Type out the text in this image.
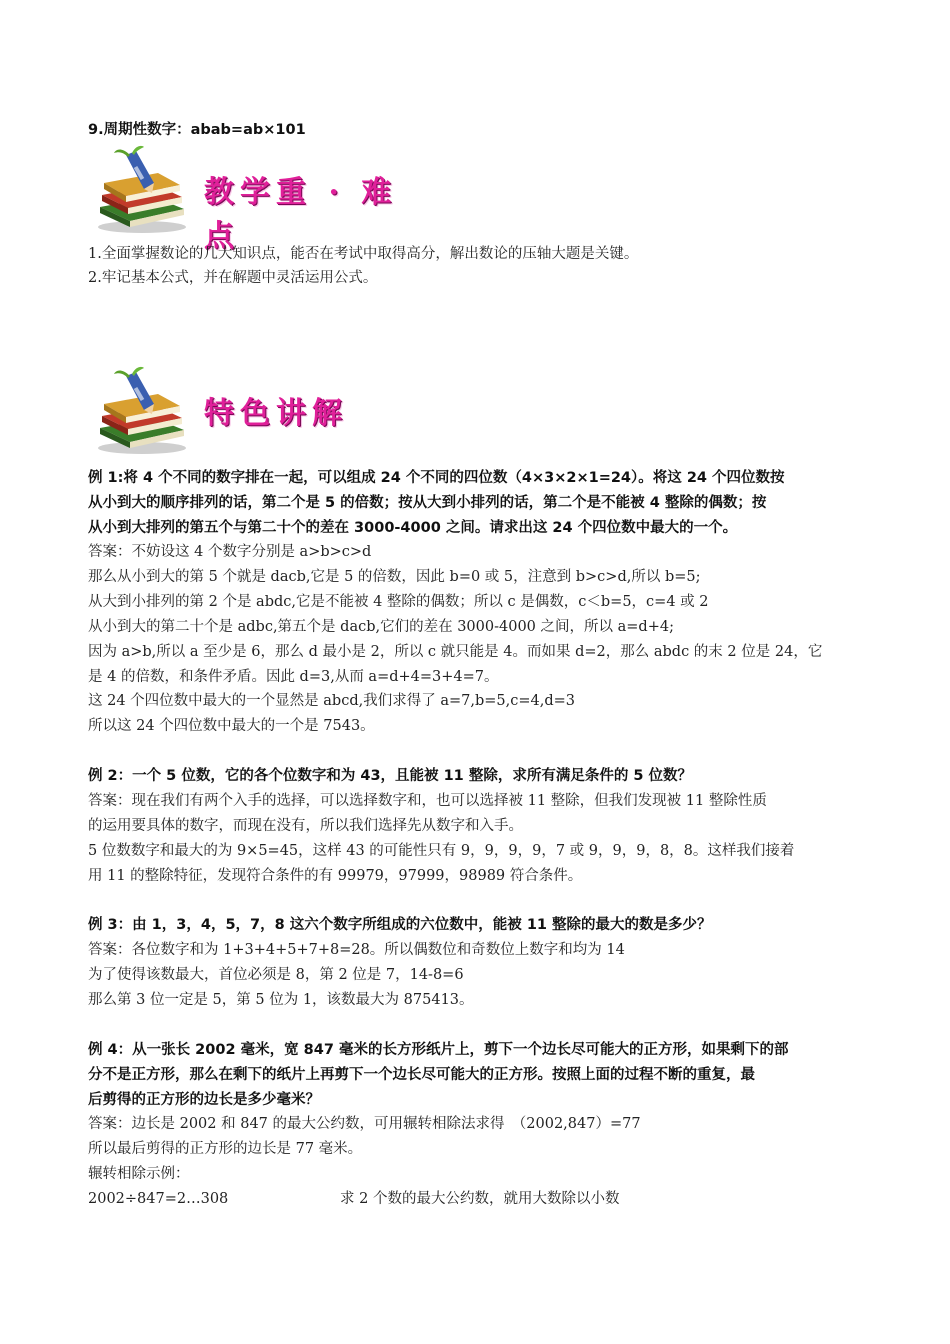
9.周期性数字：abab=ab×101
教学重 · 难点
1.全面掌握数论的几大知识点，能否在考试中取得高分，解出数论的压轴大题是关键。
2.牢记基本公式，并在解题中灵活运用公式。
特色讲解
例 1:将 4 个不同的数字排在一起，可以组成 24 个不同的四位数（4×3×2×1=24）。将这 24 个四位数按
从小到大的顺序排列的话，第二个是 5 的倍数；按从大到小排列的话，第二个是不能被 4 整除的偶数；按
从小到大排列的第五个与第二十个的差在 3000-4000 之间。请求出这 24 个四位数中最大的一个。
答案：不妨设这 4 个数字分别是 a>b>c>d
那么从小到大的第 5 个就是 dacb,它是 5 的倍数，因此 b=0 或 5，注意到 b>c>d,所以 b=5;
从大到小排列的第 2 个是 abdc,它是不能被 4 整除的偶数；所以 c 是偶数，c＜b=5，c=4 或 2
从小到大的第二十个是 adbc,第五个是 dacb,它们的差在 3000-4000 之间，所以 a=d+4;
因为 a>b,所以 a 至少是 6，那么 d 最小是 2，所以 c 就只能是 4。而如果 d=2，那么 abdc 的末 2 位是 24，它
是 4 的倍数，和条件矛盾。因此 d=3,从而 a=d+4=3+4=7。
这 24 个四位数中最大的一个显然是 abcd,我们求得了 a=7,b=5,c=4,d=3
所以这 24 个四位数中最大的一个是 7543。
例 2：一个 5 位数，它的各个位数字和为 43，且能被 11 整除，求所有满足条件的 5 位数？
答案：现在我们有两个入手的选择，可以选择数字和，也可以选择被 11 整除，但我们发现被 11 整除性质
的运用要具体的数字，而现在没有，所以我们选择先从数字和入手。
5 位数数字和最大的为 9×5=45，这样 43 的可能性只有 9，9，9，9，7 或 9，9，9，8，8。这样我们接着
用 11 的整除特征，发现符合条件的有 99979，97999，98989 符合条件。
例 3：由 1，3，4，5，7，8 这六个数字所组成的六位数中，能被 11 整除的最大的数是多少？
答案：各位数字和为 1+3+4+5+7+8=28。所以偶数位和奇数位上数字和均为 14
为了使得该数最大，首位必须是 8，第 2 位是 7，14-8=6
那么第 3 位一定是 5，第 5 位为 1，该数最大为 875413。
例 4：从一张长 2002 毫米，宽 847 毫米的长方形纸片上，剪下一个边长尽可能大的正方形，如果剩下的部
分不是正方形，那么在剩下的纸片上再剪下一个边长尽可能大的正方形。按照上面的过程不断的重复，最
后剪得的正方形的边长是多少毫米？
答案：边长是 2002 和 847 的最大公约数，可用辗转相除法求得　（2002,847）=77
所以最后剪得的正方形的边长是 77 毫米。
辗转相除示例：
2002÷847=2…308	求 2 个数的最大公约数，就用大数除以小数
